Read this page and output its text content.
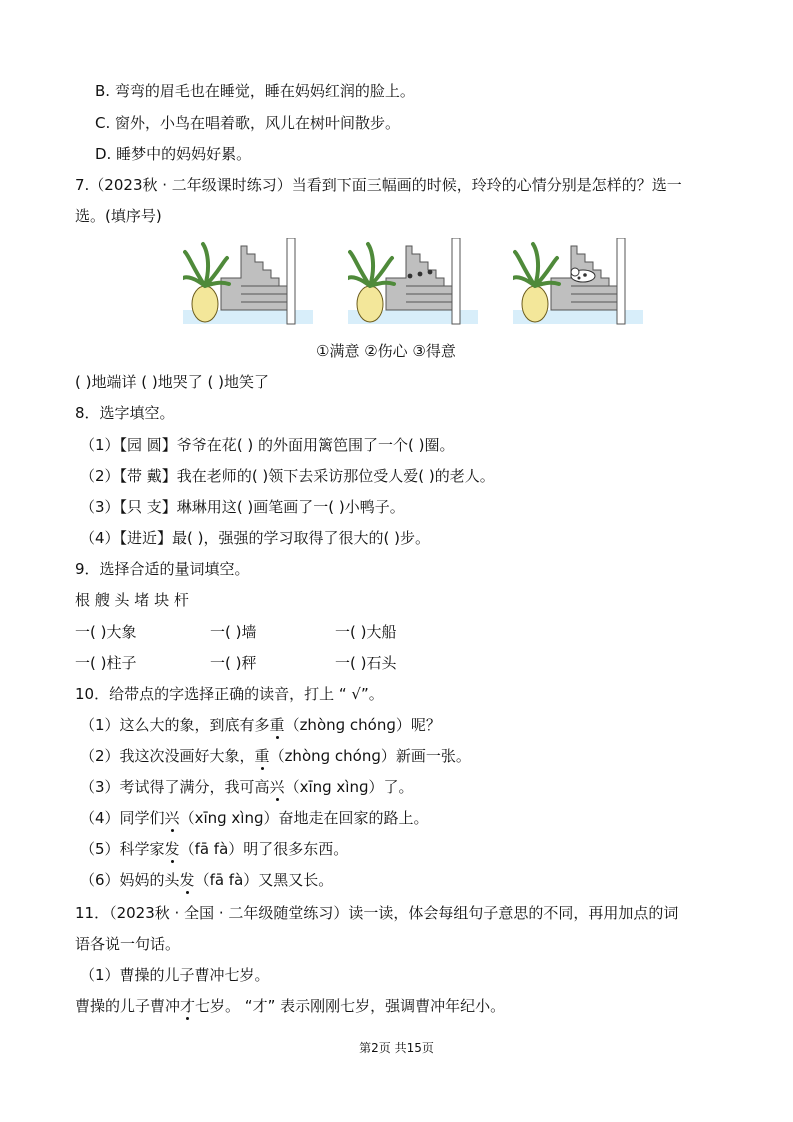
B. 弯弯的眉毛也在睡觉，睡在妈妈红润的脸上。
C. 窗外，小鸟在唱着歌，风儿在树叶间散步。
D. 睡梦中的妈妈好累。
7.（2023秋 · 二年级课时练习）当看到下面三幅画的时候，玲玲的心情分别是怎样的？选一
选。(填序号)
①满意 ②伤心 ③得意
( )地端详 ( )地哭了 ( )地笑了
8．选字填空。
（1）【园 圆】爷爷在花( ) 的外面用篱笆围了一个( )圈。
（2）【带 戴】我在老师的( )领下去采访那位受人爱( )的老人。
（3）【只 支】琳琳用这( )画笔画了一( )小鸭子。
（4）【进近】最( )，强强的学习取得了很大的( )步。
9．选择合适的量词填空。
根 艘 头 堵 块 杆
一( )大象	一( )墙	一( )大船
一( )柱子	一( )秤	一( )石头
10．给带点的字选择正确的读音，打上 “ √”。
（1）这么大的象，到底有多重（zhònɡ chónɡ）呢？
（2）我这次没画好大象，重（zhònɡ chónɡ）新画一张。
（3）考试得了满分，我可高兴（xīnɡ xìnɡ）了。
（4）同学们兴（xīnɡ xìnɡ）奋地走在回家的路上。
（5）科学家发（fā fà）明了很多东西。
（6）妈妈的头发（fā fà）又黑又长。
11．（2023秋 · 全国 · 二年级随堂练习）读一读，体会每组句子意思的不同，再用加点的词
语各说一句话。
（1）曹操的儿子曹冲七岁。
曹操的儿子曹冲才七岁。 “才” 表示刚刚七岁，强调曹冲年纪小。
第2页 共15页
